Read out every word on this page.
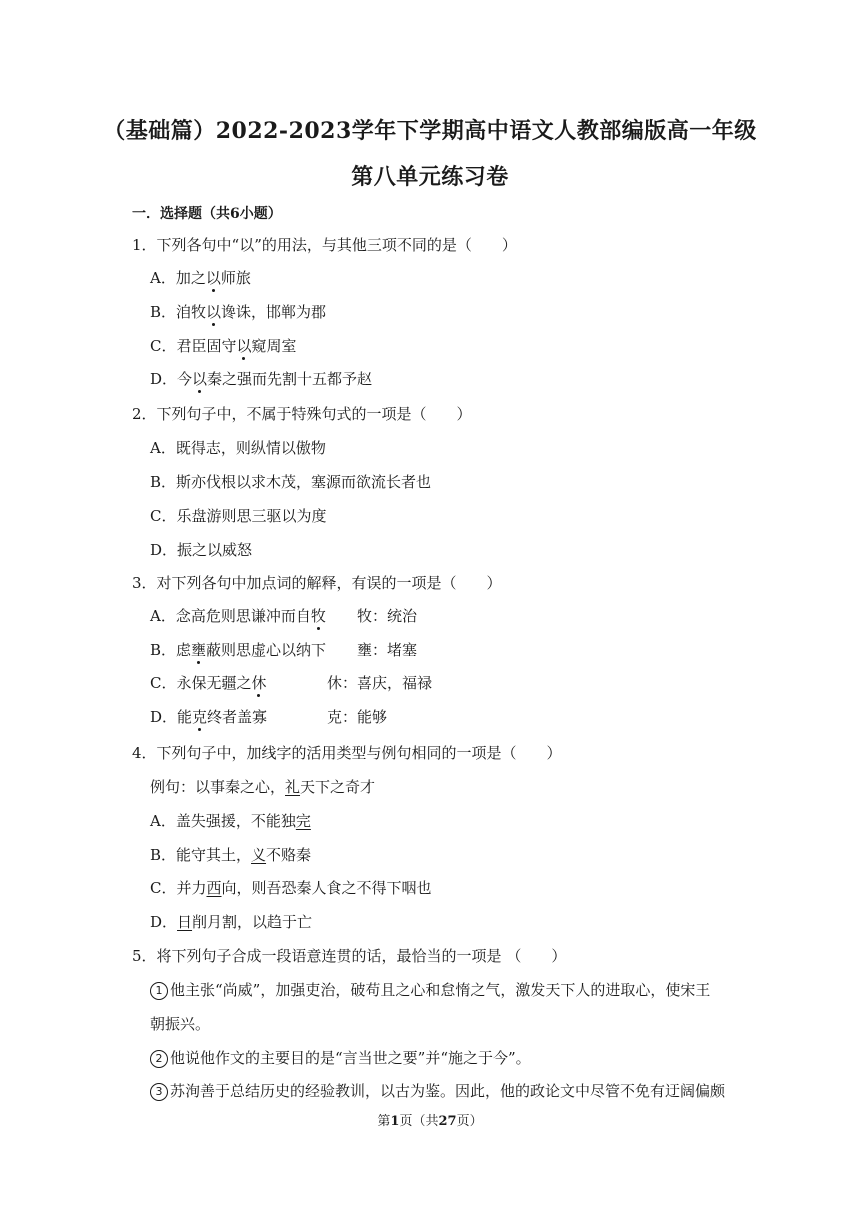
（基础篇）2022-2023学年下学期高中语文人教部编版高一年级
第八单元练习卷
一．选择题（共6小题）
1．下列各句中“以”的用法，与其他三项不同的是（　　）
A．加之以师旅
B．洎牧以谗诛，邯郸为郡
C．君臣固守以窥周室
D．今以秦之强而先割十五都予赵
2．下列句子中，不属于特殊句式的一项是（　　）
A．既得志，则纵情以傲物
B．斯亦伐根以求木茂，塞源而欲流长者也
C．乐盘游则思三驱以为度
D．振之以威怒
3．对下列各句中加点词的解释，有误的一项是（　　）
A．念高危则思谦冲而自牧 牧：统治
B．虑壅蔽则思虚心以纳下 壅：堵塞
C．永保无疆之休	休：喜庆，福禄
D．能克终者盖寡	克：能够
4．下列句子中，加线字的活用类型与例句相同的一项是（　　）
例句：以事秦之心，礼天下之奇才
A．盖失强援，不能独完
B．能守其土，义不赂秦
C．并力西向，则吾恐秦人食之不得下咽也
D．日削月割，以趋于亡
5．将下列句子合成一段语意连贯的话，最恰当的一项是 （　　）
1 他主张“尚威”，加强吏治，破苟且之心和怠惰之气，激发天下人的进取心，使宋王
朝振兴。
2 他说他作文的主要目的是“言当世之要”并“施之于今”。
3 苏洵善于总结历史的经验教训，以古为鉴。因此，他的政论文中尽管不免有迂阔偏颇
第1页（共27页）
